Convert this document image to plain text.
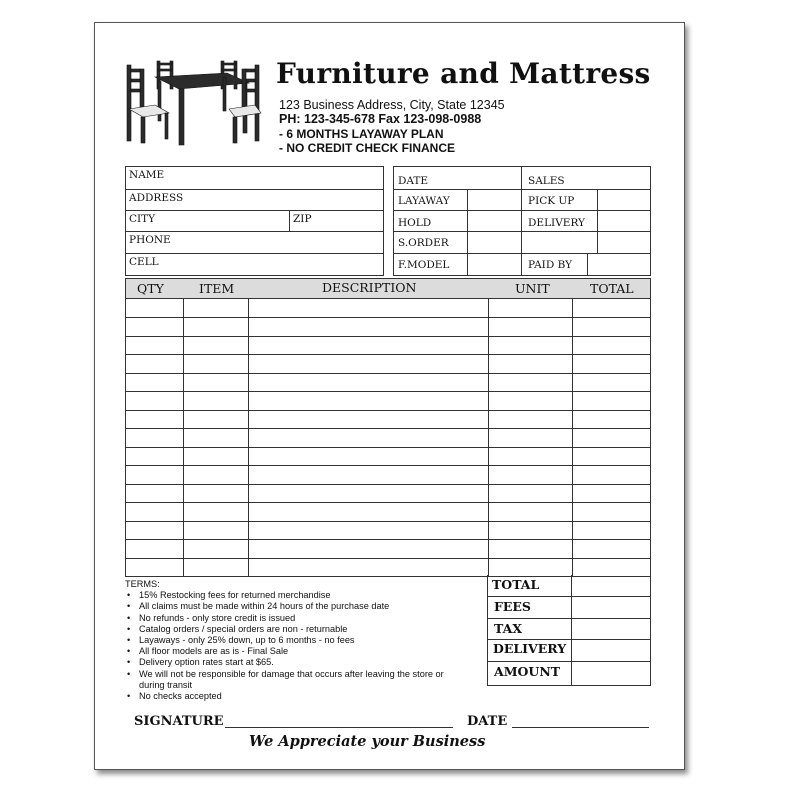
Furniture and Mattress
123 Business Address, City, State 12345
PH: 123-345-678 Fax 123-098-0988
- 6 MONTHS LAYAWAY PLAN
- NO CREDIT CHECK FINANCE
NAME
ADDRESS
CITY	ZIP
PHONE
CELL
DATE	SALES
LAYAWAY	PICK UP
HOLD	DELIVERY
S.ORDER
F.MODEL	PAID BY
QTY	ITEM	DESCRIPTION	UNIT	TOTAL
TERMS:
• 15% Restocking fees for returned merchandise
• All claims must be made within 24 hours of the purchase date
• No refunds - only store credit is issued
• Catalog orders / special orders are non - returnable
• Layaways - only 25% down, up to 6 months - no fees
• All floor models are as is - Final Sale
• Delivery option rates start at $65.
• We will not be responsible for damage that occurs after leaving the store or during transit
• No checks accepted
TOTAL
FEES
TAX
DELIVERY
AMOUNT
SIGNATURE	DATE
We Appreciate your Business
